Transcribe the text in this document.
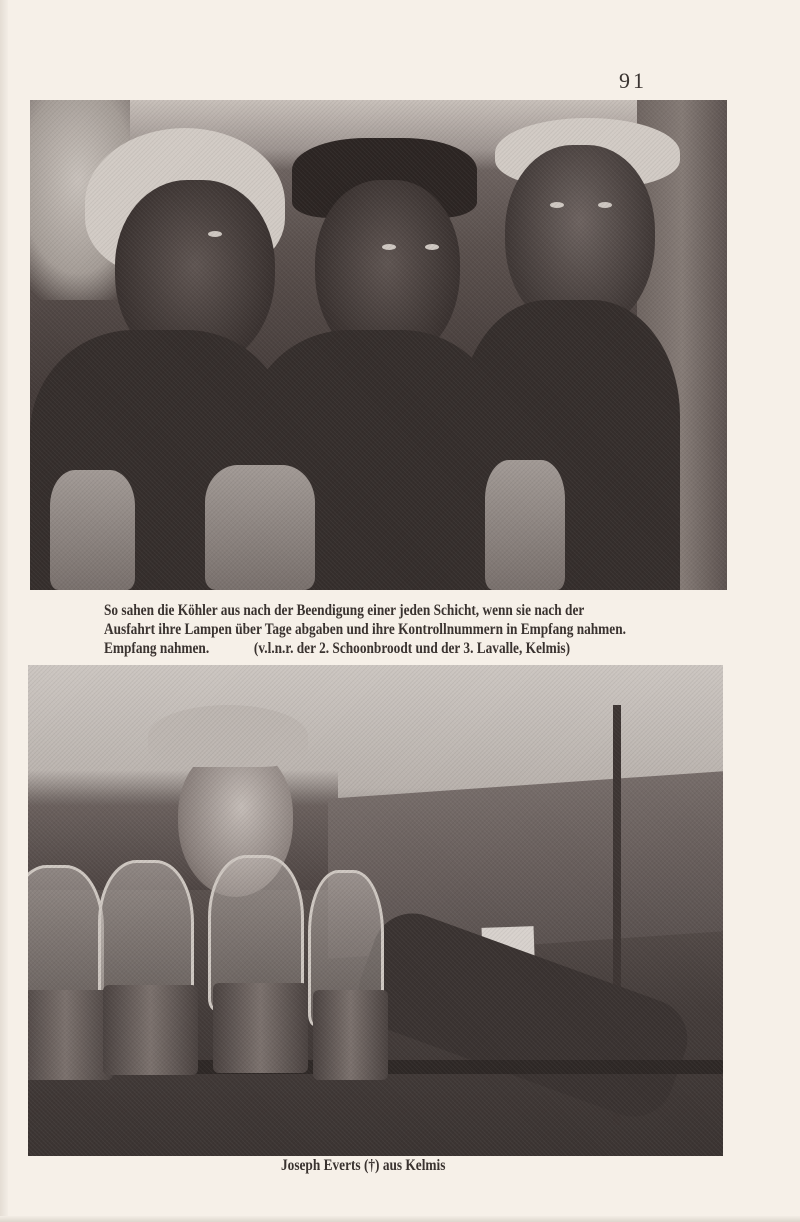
91
So sahen die Köhler aus nach der Beendigung einer jeden Schicht, wenn sie nach der
Ausfahrt ihre Lampen über Tage abgaben und ihre Kontrollnummern in Empfang nahmen.
Empfang nahmen.	(v.l.n.r. der 2. Schoonbroodt und der 3. Lavalle, Kelmis)
Joseph Everts (†) aus Kelmis
